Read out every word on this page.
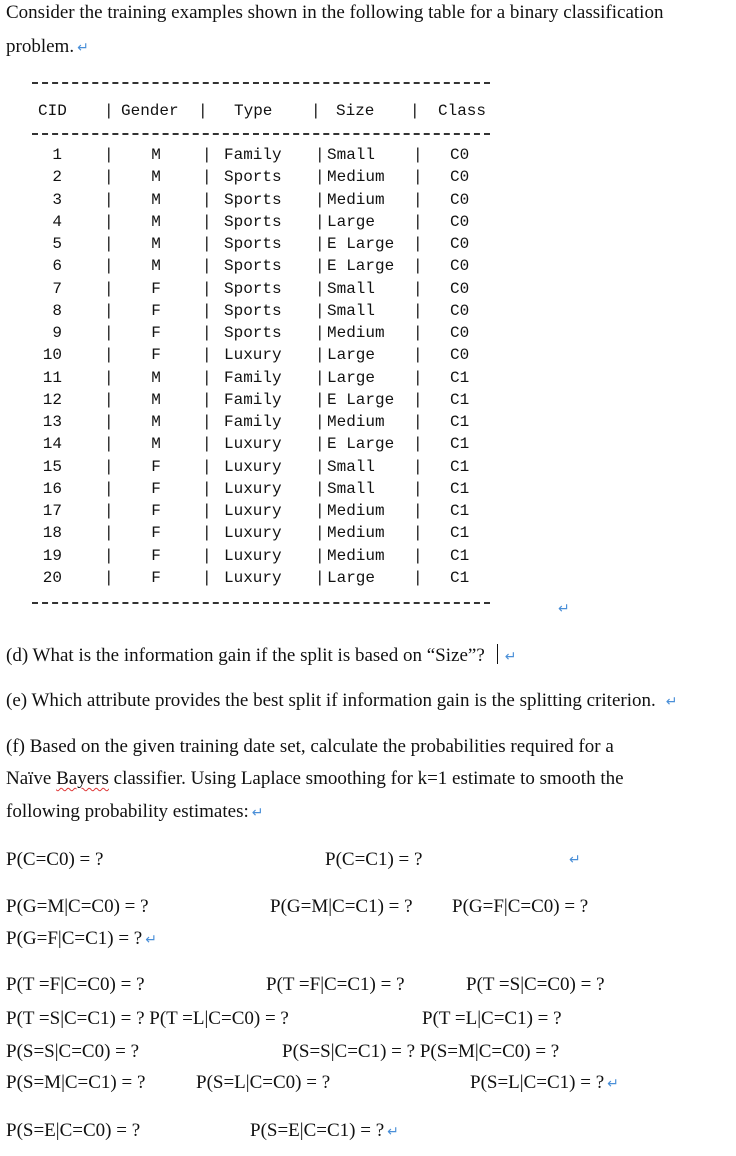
Consider the training examples shown in the following table for a binary classification
problem. ↵
CID | Gender | Type | Size | Class
1	| M	| Family | Small | C0
2	| M	| Sports | Medium | C0
3	| M	| Sports | Medium | C0
4	| M	| Sports | Large | C0
5	| M	| Sports | E Large | C0
6	| M	| Sports | E Large | C0
7	| F	| Sports | Small | C0
8	| F	| Sports | Small | C0
9	| F	| Sports | Medium | C0
10	| F	| Luxury | Large | C0
11	| M	| Family | Large | C1
12	| M	| Family | E Large | C1
13	| M	| Family | Medium | C1
14	| M	| Luxury | E Large | C1
15	| F	| Luxury | Small | C1
16	| F	| Luxury | Small | C1
17	| F	| Luxury | Medium | C1
18	| F	| Luxury | Medium | C1
19	| F	| Luxury | Medium | C1
20	| F	| Luxury | Large | C1
↵
(d) What is the information gain if the split is based on “Size”? ↵
(e) Which attribute provides the best split if information gain is the splitting criterion. ↵
(f) Based on the given training date set, calculate the probabilities required for a
Naïve Bayers classifier. Using Laplace smoothing for k=1 estimate to smooth the
following probability estimates: ↵
P(C=C0) = ?	P(C=C1) = ?	↵
P(G=M|C=C0) = ?	P(G=M|C=C1) = ? P(G=F|C=C0) = ?
P(G=F|C=C1) = ? ↵
P(T =F|C=C0) = ?	P(T =F|C=C1) = ?	P(T =S|C=C0) = ?
P(T =S|C=C1) = ? P(T =L|C=C0) = ?	P(T =L|C=C1) = ?
P(S=S|C=C0) = ?	P(S=S|C=C1) = ? P(S=M|C=C0) = ?
P(S=M|C=C1) = ?	P(S=L|C=C0) = ?	P(S=L|C=C1) = ? ↵
P(S=E|C=C0) = ?	P(S=E|C=C1) = ? ↵
